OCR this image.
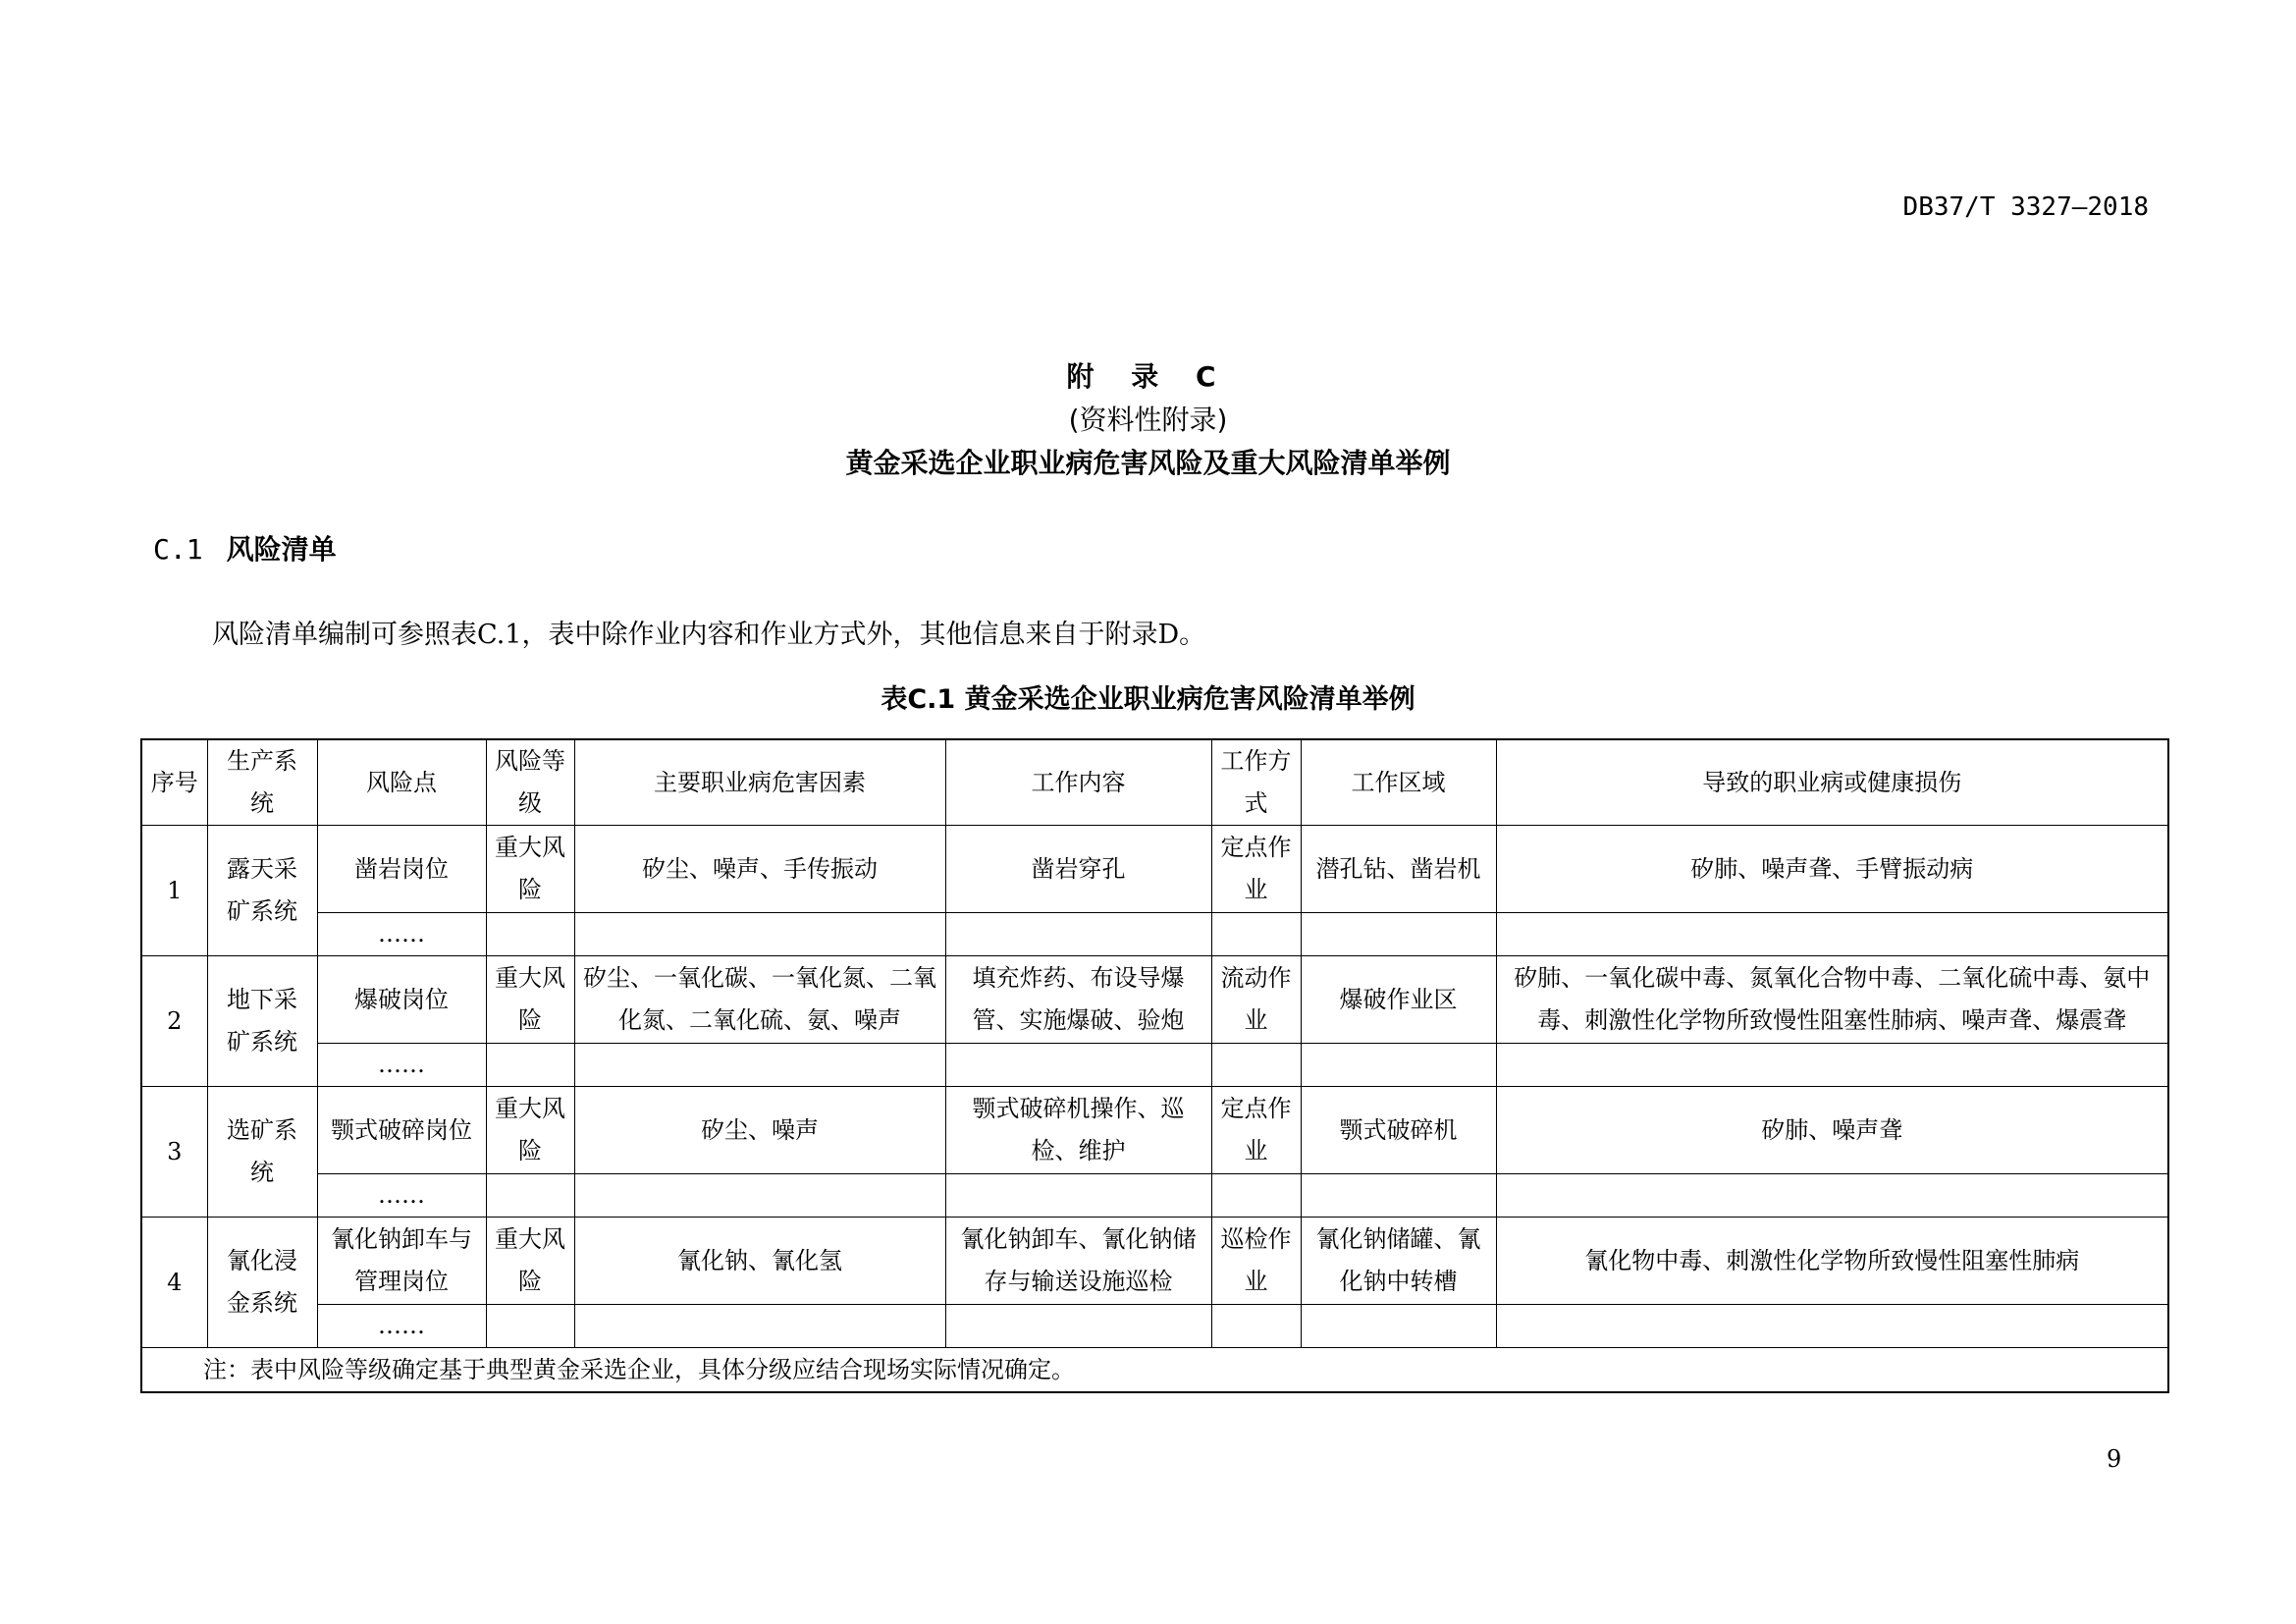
DB37/T 3327—2018
附 录 C
(资料性附录)
黄金采选企业职业病危害风险及重大风险清单举例
C.1 风险清单
风险清单编制可参照表C.1，表中除作业内容和作业方式外，其他信息来自于附录D。
表C.1 黄金采选企业职业病危害风险清单举例
序号	生产系统	风险点	风险等级	主要职业病危害因素	工作内容	工作方式	工作区域	导致的职业病或健康损伤
1	露天采矿系统	凿岩岗位	重大风险	矽尘、噪声、手传振动	凿岩穿孔	定点作业	潜孔钻、凿岩机	矽肺、噪声聋、手臂振动病
		……						
2	地下采矿系统	爆破岗位	重大风险	矽尘、一氧化碳、一氧化氮、二氧化氮、二氧化硫、氨、噪声	填充炸药、布设导爆管、实施爆破、验炮	流动作业	爆破作业区	矽肺、一氧化碳中毒、氮氧化合物中毒、二氧化硫中毒、氨中毒、刺激性化学物所致慢性阻塞性肺病、噪声聋、爆震聋
		……						
3	选矿系统	颚式破碎岗位	重大风险	矽尘、噪声	颚式破碎机操作、巡检、维护	定点作业	颚式破碎机	矽肺、噪声聋
		……						
4	氰化浸金系统	氰化钠卸车与管理岗位	重大风险	氰化钠、氰化氢	氰化钠卸车、氰化钠储存与输送设施巡检	巡检作业	氰化钠储罐、氰化钠中转槽	氰化物中毒、刺激性化学物所致慢性阻塞性肺病
		……						
注：表中风险等级确定基于典型黄金采选企业，具体分级应结合现场实际情况确定。								
9
